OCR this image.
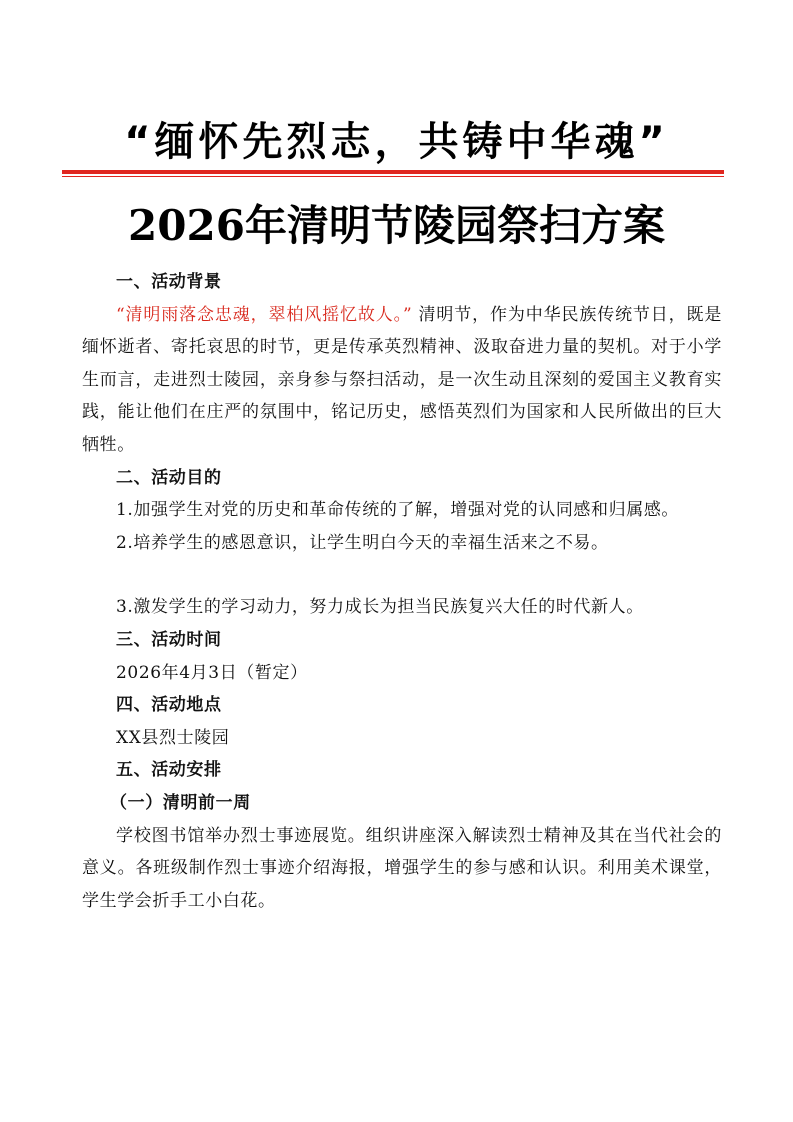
“缅怀先烈志，共铸中华魂”
2026年清明节陵园祭扫方案
一、活动背景
“清明雨落念忠魂，翠柏风摇忆故人。” 清明节，作为中华民族传统节日，既是缅怀逝者、寄托哀思的时节，更是传承英烈精神、汲取奋进力量的契机。对于小学生而言，走进烈士陵园，亲身参与祭扫活动，是一次生动且深刻的爱国主义教育实践，能让他们在庄严的氛围中，铭记历史，感悟英烈们为国家和人民所做出的巨大牺牲。
二、活动目的
1.加强学生对党的历史和革命传统的了解，增强对党的认同感和归属感。
2.培养学生的感恩意识，让学生明白今天的幸福生活来之不易。
3.激发学生的学习动力，努力成长为担当民族复兴大任的时代新人。
三、活动时间
2026年4月3日（暂定）
四、活动地点
XX县烈士陵园
五、活动安排
（一）清明前一周
学校图书馆举办烈士事迹展览。组织讲座深入解读烈士精神及其在当代社会的意义。各班级制作烈士事迹介绍海报，增强学生的参与感和认识。利用美术课堂，学生学会折手工小白花。
